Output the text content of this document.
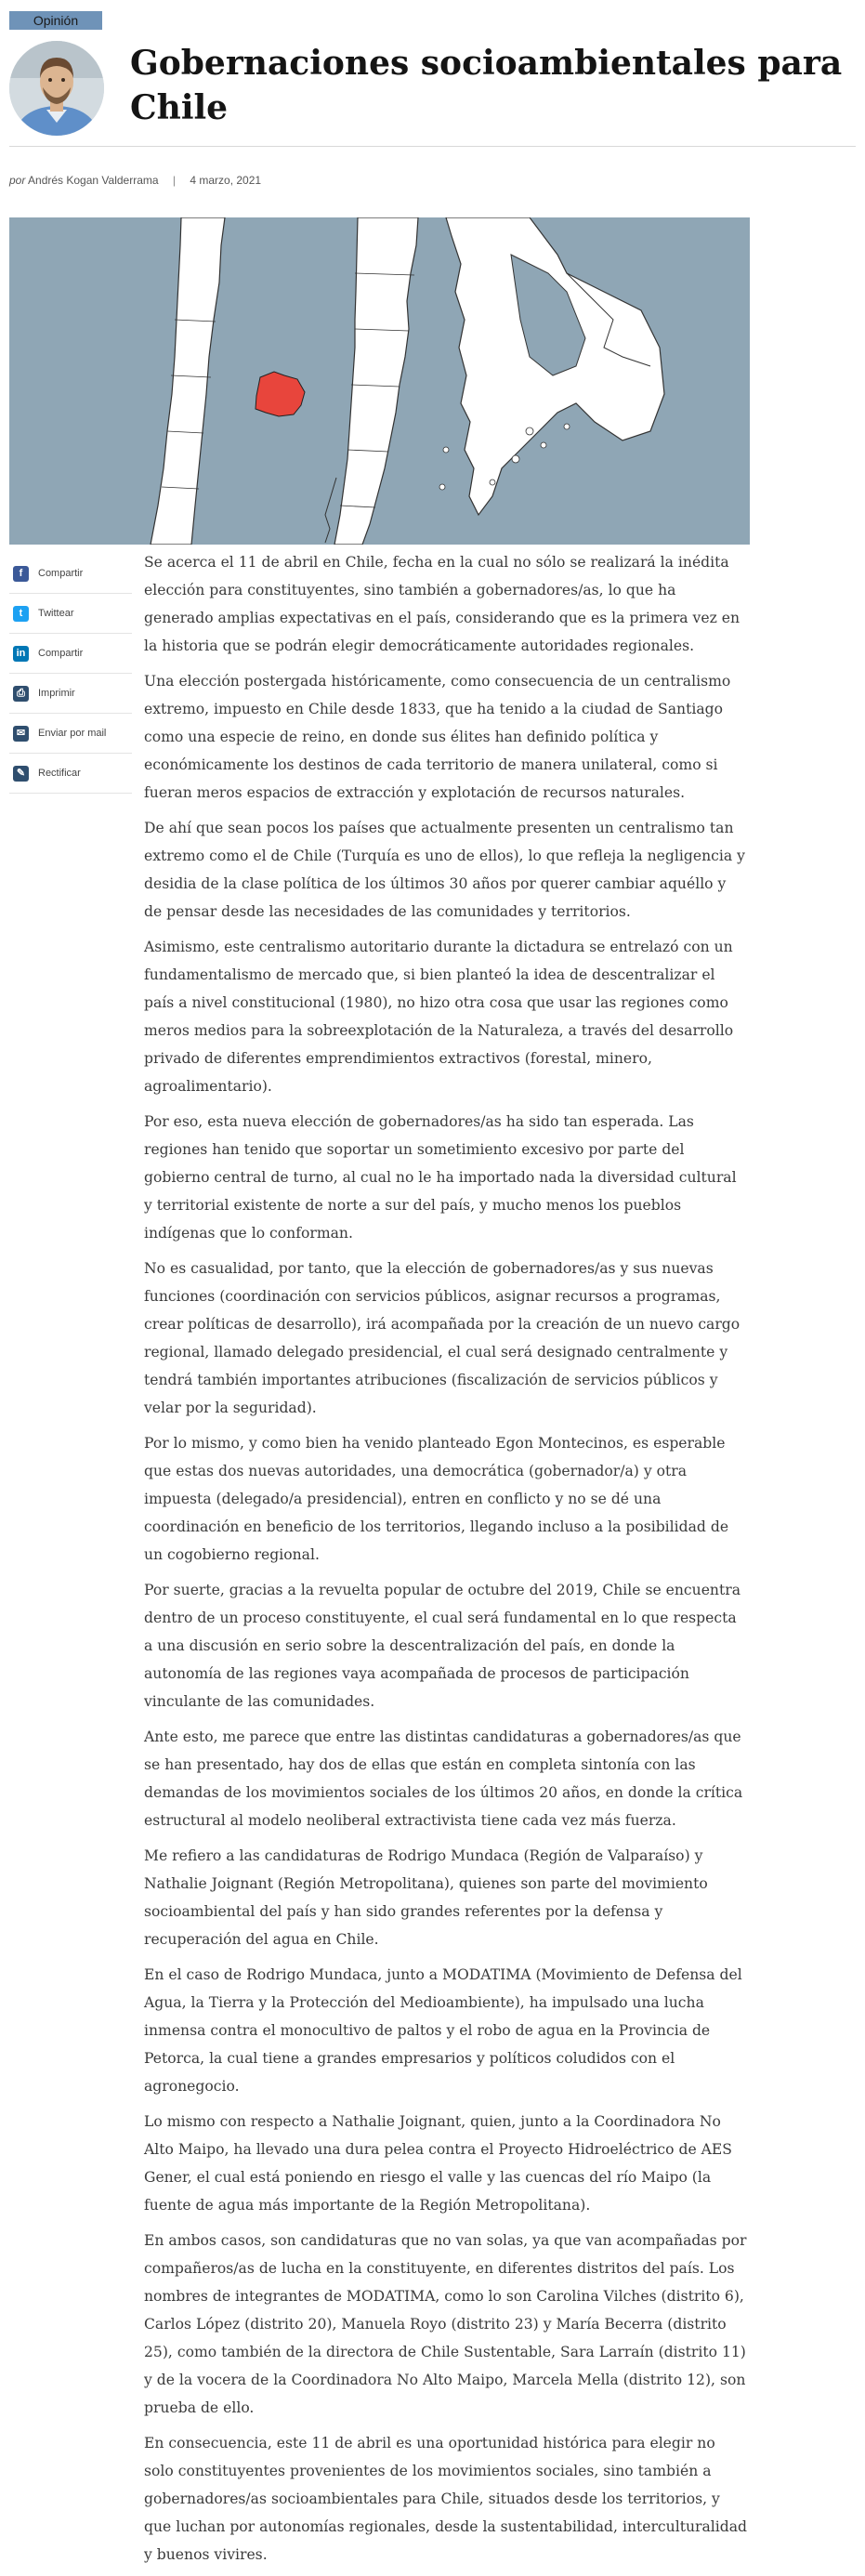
Opinión
Gobernaciones socioambientales para Chile
por Andrés Kogan Valderrama | 4 marzo, 2021
f	Compartir
t	Twittear
in	Compartir
⎙	Imprimir
✉	Enviar por mail
✎	Rectificar

Se acerca el 11 de abril en Chile, fecha en la cual no sólo se realizará la inédita elección para constituyentes, sino también a gobernadores/as, lo que ha generado amplias expectativas en el país, considerando que es la primera vez en la historia que se podrán elegir democráticamente autoridades regionales.

Una elección postergada históricamente, como consecuencia de un centralismo extremo, impuesto en Chile desde 1833, que ha tenido a la ciudad de Santiago como una especie de reino, en donde sus élites han definido política y económicamente los destinos de cada territorio de manera unilateral, como si fueran meros espacios de extracción y explotación de recursos naturales.

De ahí que sean pocos los países que actualmente presenten un centralismo tan extremo como el de Chile (Turquía es uno de ellos), lo que refleja la negligencia y desidia de la clase política de los últimos 30 años por querer cambiar aquéllo y de pensar desde las necesidades de las comunidades y territorios.

Asimismo, este centralismo autoritario durante la dictadura se entrelazó con un fundamentalismo de mercado que, si bien planteó la idea de descentralizar el país a nivel constitucional (1980), no hizo otra cosa que usar las regiones como meros medios para la sobreexplotación de la Naturaleza, a través del desarrollo privado de diferentes emprendimientos extractivos (forestal, minero, agroalimentario).

Por eso, esta nueva elección de gobernadores/as ha sido tan esperada. Las regiones han tenido que soportar un sometimiento excesivo por parte del gobierno central de turno, al cual no le ha importado nada la diversidad cultural y territorial existente de norte a sur del país, y mucho menos los pueblos indígenas que lo conforman.

No es casualidad, por tanto, que la elección de gobernadores/as y sus nuevas funciones (coordinación con servicios públicos, asignar recursos a programas, crear políticas de desarrollo), irá acompañada por la creación de un nuevo cargo regional, llamado delegado presidencial, el cual será designado centralmente y tendrá también importantes atribuciones (fiscalización de servicios públicos y velar por la seguridad).

Por lo mismo, y como bien ha venido planteado Egon Montecinos, es esperable que estas dos nuevas autoridades, una democrática (gobernador/a) y otra impuesta (delegado/a presidencial), entren en conflicto y no se dé una coordinación en beneficio de los territorios, llegando incluso a la posibilidad de un cogobierno regional.

Por suerte, gracias a la revuelta popular de octubre del 2019, Chile se encuentra dentro de un proceso constituyente, el cual será fundamental en lo que respecta a una discusión en serio sobre la descentralización del país, en donde la autonomía de las regiones vaya acompañada de procesos de participación vinculante de las comunidades.

Ante esto, me parece que entre las distintas candidaturas a gobernadores/as que se han presentado, hay dos de ellas que están en completa sintonía con las demandas de los movimientos sociales de los últimos 20 años, en donde la crítica estructural al modelo neoliberal extractivista tiene cada vez más fuerza.

Me refiero a las candidaturas de Rodrigo Mundaca (Región de Valparaíso) y Nathalie Joignant (Región Metropolitana), quienes son parte del movimiento socioambiental del país y han sido grandes referentes por la defensa y recuperación del agua en Chile.

En el caso de Rodrigo Mundaca, junto a MODATIMA (Movimiento de Defensa del Agua, la Tierra y la Protección del Medioambiente), ha impulsado una lucha inmensa contra el monocultivo de paltos y el robo de agua en la Provincia de Petorca, la cual tiene a grandes empresarios y políticos coludidos con el agronegocio.

Lo mismo con respecto a Nathalie Joignant, quien, junto a la Coordinadora No Alto Maipo, ha llevado una dura pelea contra el Proyecto Hidroeléctrico de AES Gener, el cual está poniendo en riesgo el valle y las cuencas del río Maipo (la fuente de agua más importante de la Región Metropolitana).

En ambos casos, son candidaturas que no van solas, ya que van acompañadas por compañeros/as de lucha en la constituyente, en diferentes distritos del país. Los nombres de integrantes de MODATIMA, como lo son Carolina Vilches (distrito 6), Carlos López (distrito 20), Manuela Royo (distrito 23) y María Becerra (distrito 25), como también de la directora de Chile Sustentable, Sara Larraín (distrito 11) y de la vocera de la Coordinadora No Alto Maipo, Marcela Mella (distrito 12), son prueba de ello.

En consecuencia, este 11 de abril es una oportunidad histórica para elegir no solo constituyentes provenientes de los movimientos sociales, sino también a gobernadores/as socioambientales para Chile, situados desde los territorios, y que luchan por autonomías regionales, desde la sustentabilidad, interculturalidad y buenos vivires.
